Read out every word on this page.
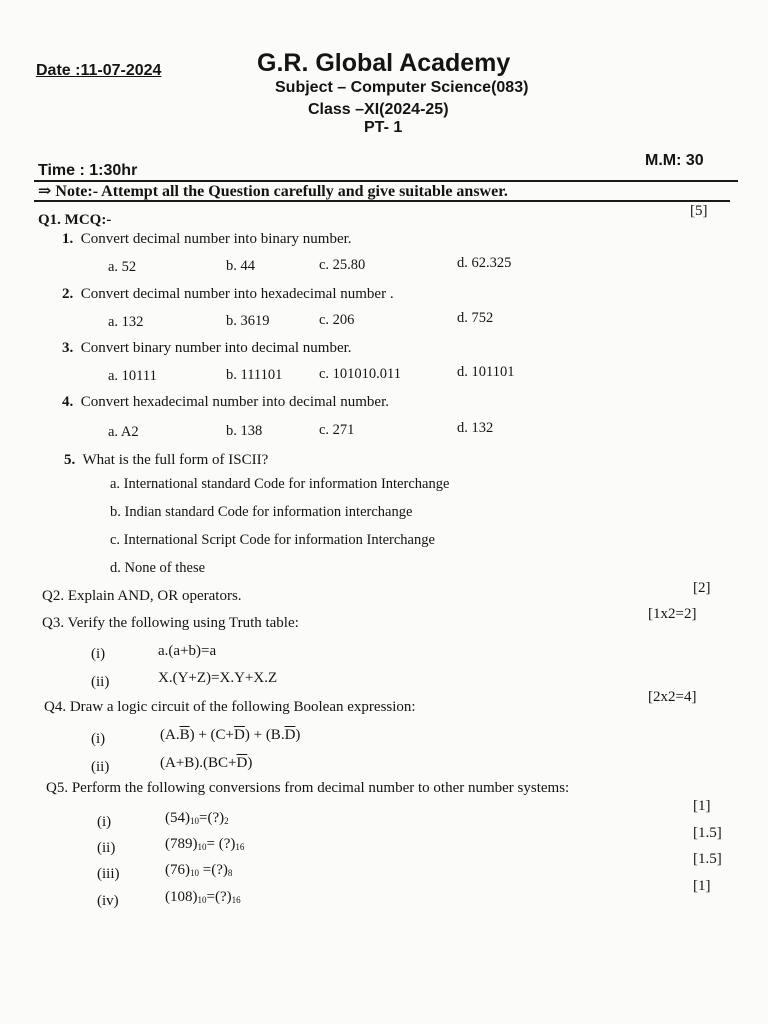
Date :11-07-2024	G.R. Global Academy
Subject – Computer Science(083)
Class –XI(2024-25)
PT- 1
Time : 1:30hr
M.M: 30
⇒ Note:- Attempt all the Question carefully and give suitable answer.
Q1. MCQ:-
[5]
1. Convert decimal number into binary number.
a. 52	b. 44	c. 25.80	d. 62.325
2. Convert decimal number into hexadecimal number .
a. 132	b. 3619	c. 206	d. 752
3. Convert binary number into decimal number.
a. 10111	b. 111101	c. 101010.011	d. 101101
4. Convert hexadecimal number into decimal number.
a. A2	b. 138	c. 271	d. 132
5. What is the full form of ISCII?
a. International standard Code for information Interchange
b. Indian standard Code for information interchange
c. International Script Code for information Interchange
d. None of these
Q2. Explain AND, OR operators.	[2]
Q3. Verify the following using Truth table:
[1x2=2]
(i)	a.(a+b)=a
(ii)	X.(Y+Z)=X.Y+X.Z
Q4. Draw a logic circuit of the following Boolean expression:
[2x2=4]
(i)	$(A.\overline{B}) + (C+\overline{D}) + (B.\overline{D})$
(ii)	$(A+B).(BC+\overline{D})$
Q5. Perform the following conversions from decimal number to other number systems:
(i)	$(54)_{10}=(?)_2$
[1]
(ii)	$(789)_{10}=$ $(?)_{16}$
[1.5]
(iii)	$(76)_{10}$ $=(?)_8$
[1.5]
(iv)	$(108)_{10}=(?)_{16}$
[1]
